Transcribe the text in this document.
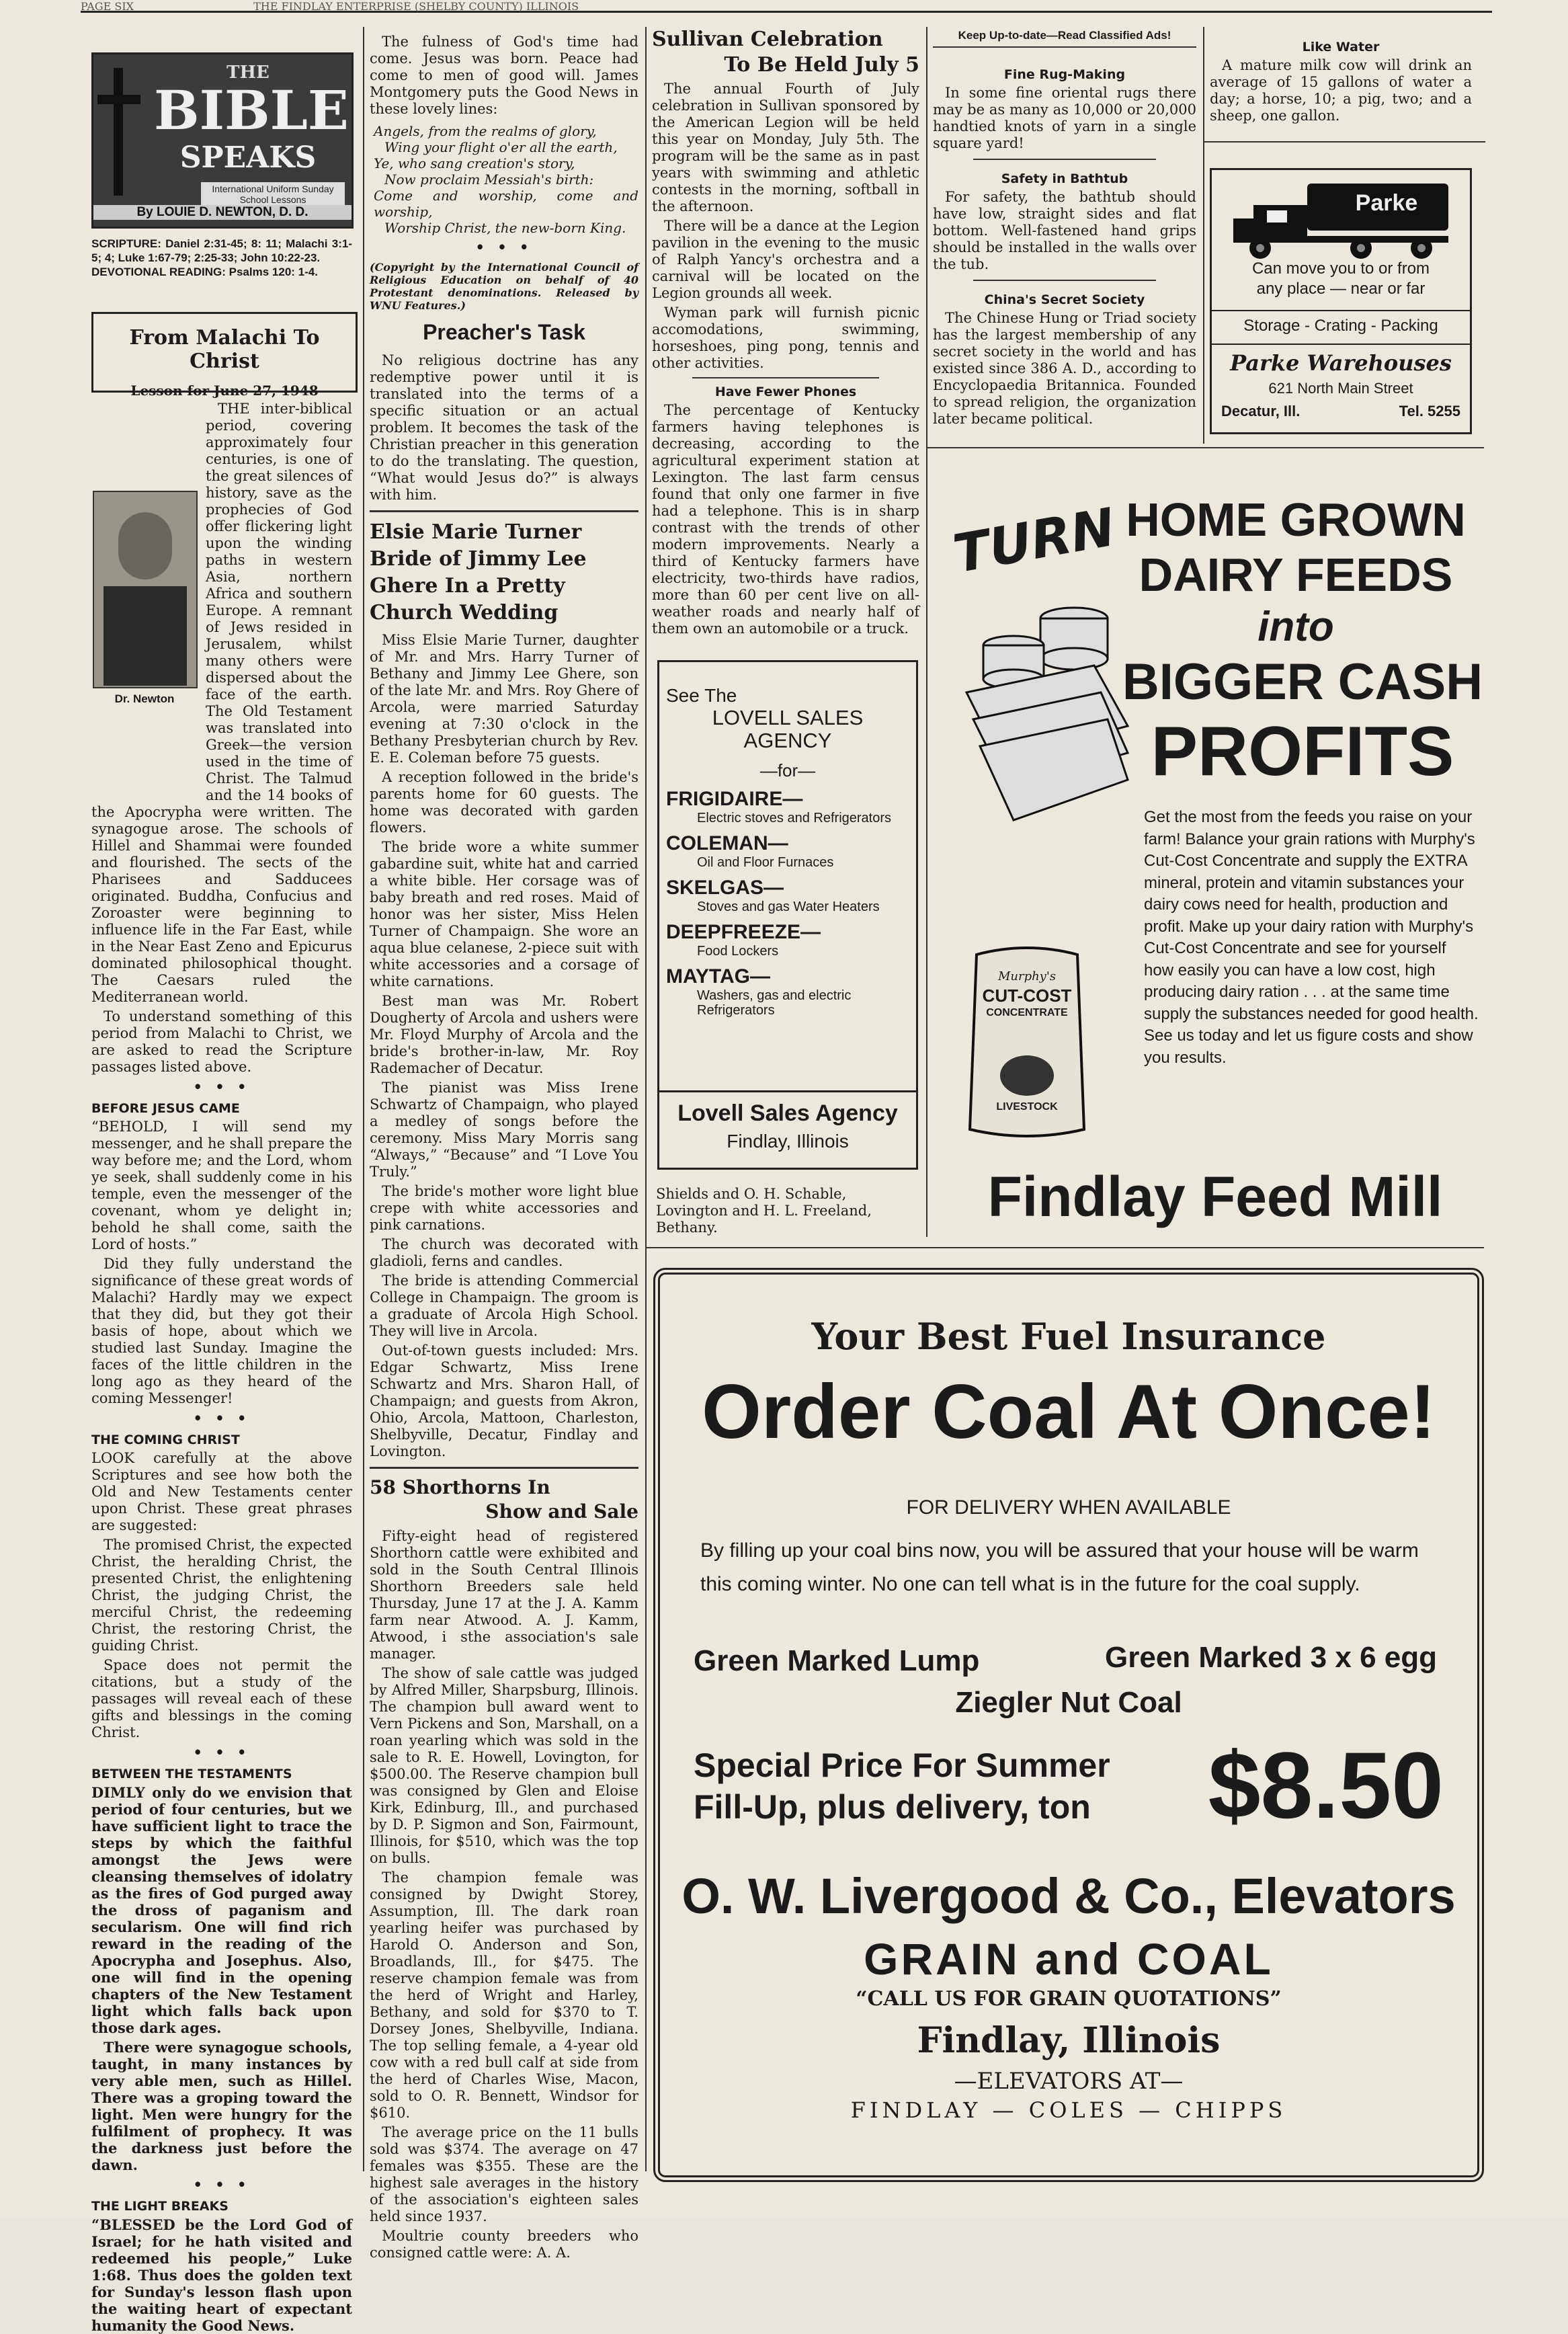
PAGE SIX                                   THE FINDLAY ENTERPRISE (SHELBY COUNTY) ILLINOIS
THE
BIBLE
SPEAKS
International Uniform Sunday School Lessons
By LOUIE D. NEWTON, D. D.
SCRIPTURE: Daniel 2:31-45; 8: 11; Malachi 3:1-5; 4; Luke 1:67-79; 2:25-33; John 10:22-23.
DEVOTIONAL READING: Psalms 120: 1-4.
From Malachi To Christ
Lesson for June 27, 1948
Dr. Newton

THE inter-biblical period, covering approximately four centuries, is one of the great silences of history, save as the prophecies of God offer flickering light upon the winding paths in western Asia, northern Africa and southern Europe. A remnant of Jews resided in Jerusalem, whilst many others were dispersed about the face of the earth. The Old Testament was translated into Greek—the version used in the time of Christ. The Talmud and the 14 books of the Apocrypha were written. The synagogue arose. The schools of Hillel and Shammai were founded and flourished. The sects of the Pharisees and Sadducees originated. Buddha, Confucius and Zoroaster were beginning to influence life in the Far East, while in the Near East Zeno and Epicurus dominated philosophical thought. The Caesars ruled the Mediterranean world.

To understand something of this period from Malachi to Christ, we are asked to read the Scripture passages listed above.

• • •
BEFORE JESUS CAME

“BEHOLD, I will send my messenger, and he shall prepare the way before me; and the Lord, whom ye seek, shall suddenly come in his temple, even the messenger of the covenant, whom ye delight in; behold he shall come, saith the Lord of hosts.”

Did they fully understand the significance of these great words of Malachi? Hardly may we expect that they did, but they got their basis of hope, about which we studied last Sunday. Imagine the faces of the little children in the long ago as they heard of the coming Messenger!

• • •
THE COMING CHRIST

LOOK carefully at the above Scriptures and see how both the Old and New Testaments center upon Christ. These great phrases are suggested:

The promised Christ, the expected Christ, the heralding Christ, the presented Christ, the enlightening Christ, the judging Christ, the merciful Christ, the redeeming Christ, the restoring Christ, the guiding Christ.

Space does not permit the citations, but a study of the passages will reveal each of these gifts and blessings in the coming Christ.

• • •
BETWEEN THE TESTAMENTS

DIMLY only do we envision that period of four centuries, but we have sufficient light to trace the steps by which the faithful amongst the Jews were cleansing themselves of idolatry as the fires of God purged away the dross of paganism and secularism. One will find rich reward in the reading of the Apocrypha and Josephus. Also, one will find in the opening chapters of the New Testament light which falls back upon those dark ages.

There were synagogue schools, taught, in many instances by very able men, such as Hillel. There was a groping toward the light. Men were hungry for the fulfilment of prophecy. It was the darkness just before the dawn.

• • •
THE LIGHT BREAKS

“BLESSED be the Lord God of Israel; for he hath visited and redeemed his people,” Luke 1:68. Thus does the golden text for Sunday's lesson flash upon the waiting heart of expectant humanity the Good News.

The fulness of God's time had come. Jesus was born. Peace had come to men of good will. James Montgomery puts the Good News in these lovely lines:

Angels, from the realms of glory,
Wing your flight o'er all the earth,
Ye, who sang creation's story,
Now proclaim Messiah's birth:
Come and worship, come and worship,
Worship Christ, the new-born King.
• • •
(Copyright by the International Council of Religious Education on behalf of 40 Protestant denominations. Released by WNU Features.)
Preacher's Task

No religious doctrine has any redemptive power until it is translated into the terms of a specific situation or an actual problem. It becomes the task of the Christian preacher in this generation to do the translating. The question, “What would Jesus do?” is always with him.

Elsie Marie Turner Bride of Jimmy Lee Ghere In a Pretty Church Wedding

Miss Elsie Marie Turner, daughter of Mr. and Mrs. Harry Turner of Bethany and Jimmy Lee Ghere, son of the late Mr. and Mrs. Roy Ghere of Arcola, were married Saturday evening at 7:30 o'clock in the Bethany Presbyterian church by Rev. E. E. Coleman before 75 guests.

A reception followed in the bride's parents home for 60 guests. The home was decorated with garden flowers.

The bride wore a white summer gabardine suit, white hat and carried a white bible. Her corsage was of baby breath and red roses. Maid of honor was her sister, Miss Helen Turner of Champaign. She wore an aqua blue celanese, 2-piece suit with white accessories and a corsage of white carnations.

Best man was Mr. Robert Dougherty of Arcola and ushers were Mr. Floyd Murphy of Arcola and the bride's brother-in-law, Mr. Roy Rademacher of Decatur.

The pianist was Miss Irene Schwartz of Champaign, who played a medley of songs before the ceremony. Miss Mary Morris sang “Always,” “Because” and “I Love You Truly.”

The bride's mother wore light blue crepe with white accessories and pink carnations.

The church was decorated with gladioli, ferns and candles.

The bride is attending Commercial College in Champaign. The groom is a graduate of Arcola High School. They will live in Arcola.

Out-of-town guests included: Mrs. Edgar Schwartz, Miss Irene Schwartz and Mrs. Sharon Hall, of Champaign; and guests from Akron, Ohio, Arcola, Mattoon, Charleston, Shelbyville, Decatur, Findlay and Lovington.

58 Shorthorns In
Show and Sale

Fifty-eight head of registered Shorthorn cattle were exhibited and sold in the South Central Illinois Shorthorn Breeders sale held Thursday, June 17 at the J. A. Kamm farm near Atwood. A. J. Kamm, Atwood, i sthe association's sale manager.

The show of sale cattle was judged by Alfred Miller, Sharpsburg, Illinois. The champion bull award went to Vern Pickens and Son, Marshall, on a roan yearling which was sold in the sale to R. E. Howell, Lovington, for $500.00. The Reserve champion bull was consigned by Glen and Eloise Kirk, Edinburg, Ill., and purchased by D. P. Sigmon and Son, Fairmount, Illinois, for $510, which was the top on bulls.

The champion female was consigned by Dwight Storey, Assumption, Ill. The dark roan yearling heifer was purchased by Harold O. Anderson and Son, Broadlands, Ill., for $475. The reserve champion female was from the herd of Wright and Harley, Bethany, and sold for $370 to T. Dorsey Jones, Shelbyville, Indiana. The top selling female, a 4-year old cow with a red bull calf at side from the herd of Charles Wise, Macon, sold to O. R. Bennett, Windsor for $610.

The average price on the 11 bulls sold was $374. The average on 47 females was $355. These are the highest sale averages in the history of the association's eighteen sales held since 1937.

Moultrie county breeders who consigned cattle were: A. A.

Sullivan Celebration
To Be Held July 5

The annual Fourth of July celebration in Sullivan sponsored by the American Legion will be held this year on Monday, July 5th. The program will be the same as in past years with swimming and athletic contests in the morning, softball in the afternoon.

There will be a dance at the Legion pavilion in the evening to the music of Ralph Yancy's orchestra and a carnival will be located on the Legion grounds all week.

Wyman park will furnish picnic accomodations, swimming, horseshoes, ping pong, tennis and other activities.

Have Fewer Phones

The percentage of Kentucky farmers having telephones is decreasing, according to the agricultural experiment station at Lexington. The last farm census found that only one farmer in five had a telephone. This is in sharp contrast with the trends of other modern improvements. Nearly a third of Kentucky farmers have electricity, two-thirds have radios, more than 60 per cent live on all-weather roads and nearly half of them own an automobile or a truck.

See The
LOVELL SALES
AGENCY
—for—
FRIGIDAIRE—
Electric stoves and Refrigerators
COLEMAN—
Oil and Floor Furnaces
SKELGAS—
Stoves and gas Water Heaters
DEEPFREEZE—
Food Lockers
MAYTAG—
Washers, gas and electric Refrigerators
Lovell Sales Agency
Findlay, Illinois

Shields and O. H. Schable, Lovington and H. L. Freeland, Bethany.

Keep Up-to-date—Read Classified Ads!
Fine Rug-Making

In some fine oriental rugs there may be as many as 10,000 or 20,000 handtied knots of yarn in a single square yard!

Safety in Bathtub

For safety, the bathtub should have low, straight sides and flat bottom. Well-fastened hand grips should be installed in the walls over the tub.

China's Secret Society

The Chinese Hung or Triad society has the largest membership of any secret society in the world and has existed since 386 A. D., according to Encyclopaedia Britannica. Founded to spread religion, the organization later became political.

Like Water

A mature milk cow will drink an average of 15 gallons of water a day; a horse, 10; a pig, two; and a sheep, one gallon.

Parke
Can move you to or from
any place — near or far
Storage - Crating - Packing
Parke Warehouses
621 North Main Street
Decatur, Ill.	Tel. 5255
TURN HOME GROWN
DAIRY FEEDS
into
BIGGER CASH
PROFITS
Murphy's
CUT-COST
CONCENTRATE
LIVESTOCK
Get the most from the feeds you raise on your farm! Balance your grain rations with Murphy's Cut-Cost Concentrate and supply the EXTRA mineral, protein and vitamin substances your dairy cows need for health, production and profit. Make up your dairy ration with Murphy's Cut-Cost Concentrate and see for yourself how easily you can have a low cost, high producing dairy ration . . . at the same time supply the substances needed for good health. See us today and let us figure costs and show you results.
Findlay Feed Mill
Your Best Fuel Insurance
Order Coal At Once!
FOR DELIVERY WHEN AVAILABLE
By filling up your coal bins now, you will be assured that your house will be warm this coming winter. No one can tell what is in the future for the coal supply.
Green Marked Lump	Green Marked 3 x 6 egg
Ziegler Nut Coal
Special Price For Summer
Fill-Up, plus delivery, ton $8.50
O. W. Livergood & Co., Elevators
GRAIN and COAL
“CALL US FOR GRAIN QUOTATIONS”
Findlay, Illinois
—ELEVATORS AT—
FINDLAY — COLES — CHIPPS
